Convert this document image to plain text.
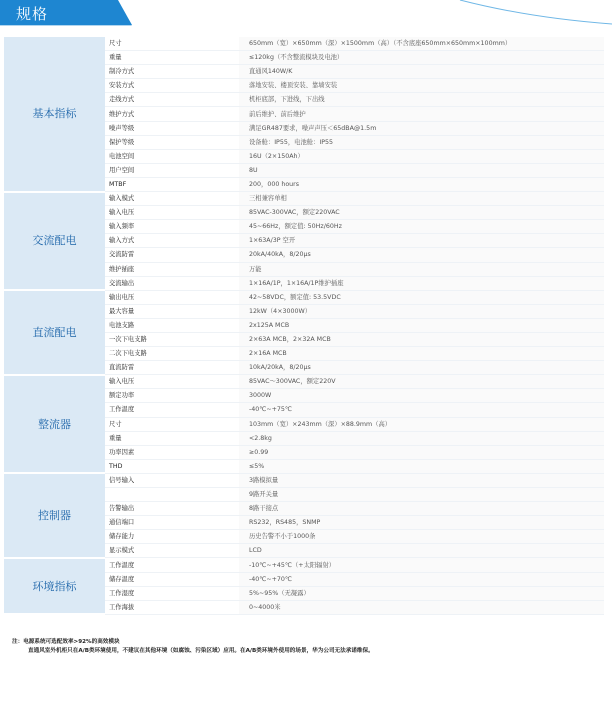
规格
基本指标	尺寸	650mm（宽）×650mm（深）×1500mm（高）（不含底座650mm×650mm×100mm）
	重量	≤120kg（不含整流模块及电池）
	制冷方式	直通风140W/K
	安装方式	落地安装、楼顶安装、靠墙安装
	走线方式	机柜底部，下进线，下出线
	维护方式	前后维护、前后维护
	噪声等级	满足GR487要求，噪声声压＜65dBA@1.5m
	保护等级	设备舱：IP55，电池舱：IP55
	电池空间	16U（2×150Ah）
	用户空间	8U
	MTBF	200，000 hours
交流配电	输入模式	三相兼容单相
	输入电压	85VAC-300VAC，额定220VAC
	输入频率	45~66Hz，额定值: 50Hz/60Hz
	输入方式	1×63A/3P 空开
	交流防雷	20kA/40kA，8/20μs
	维护插座	万能
	交流输出	1×16A/1P，1×16A/1P维护插座
直流配电	输出电压	42~58VDC，额定值: 53.5VDC
	最大容量	12kW（4×3000W）
	电池支路	2x125A MCB
	一次下电支路	2×63A MCB，2×32A MCB
	二次下电支路	2×16A MCB
	直流防雷	10kA/20kA，8/20μs
整流器	输入电压	85VAC～300VAC，额定220V
	额定功率	3000W
	工作温度	-40℃~+75℃
	尺寸	103mm（宽）×243mm（深）×88.9mm（高）
	重量	<2.8kg
	功率因素	≥0.99
	THD	≤5%
控制器	信号输入	3路模拟量
		9路开关量
	告警输出	8路干接点
	通信端口	RS232，RS485，SNMP
	储存能力	历史告警不小于1000条
	显示模式	LCD
环境指标	工作温度	-10℃~+45℃（+太阳辐射）
	储存温度	-40℃~+70℃
	工作湿度	5%~95%（无凝露）
	工作海拔	0~4000米
注：电源系统可选配效率>92%的高效模块
直通风室外机柜只在A/B类环境使用，不建议在其他环境（如腐蚀、污染区域）应用。在A/B类环境外使用的场景，华为公司无法承诺维保。
